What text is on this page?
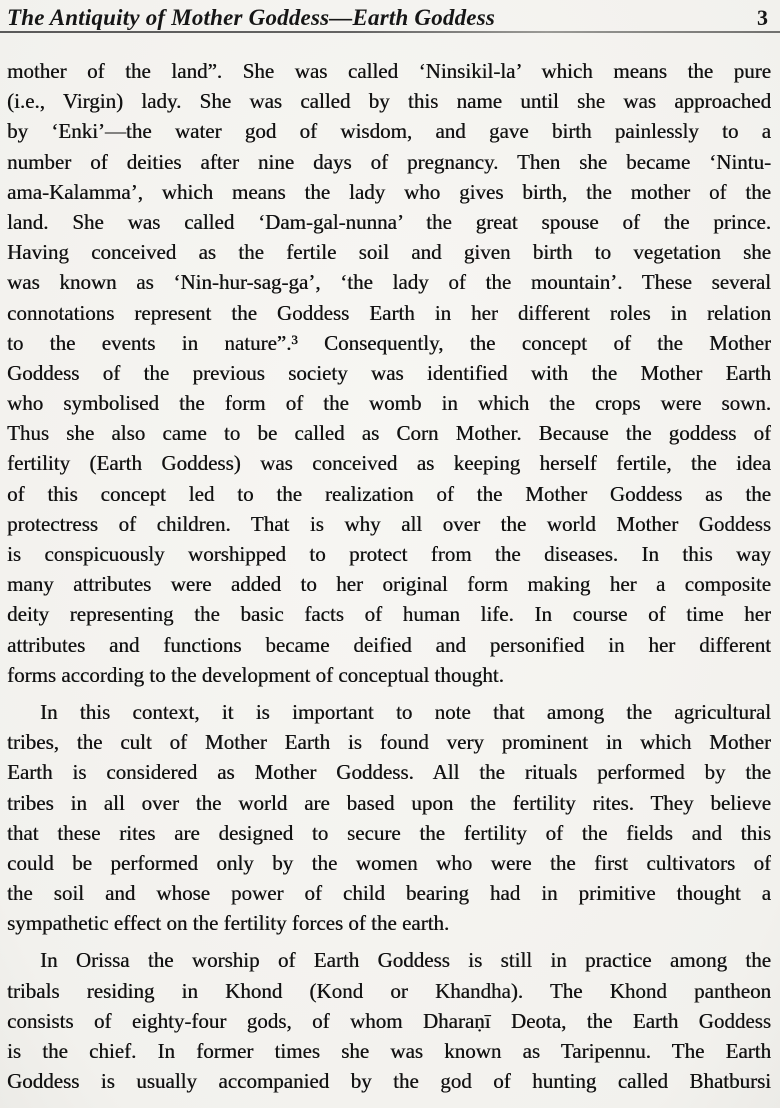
The Antiquity of Mother Goddess—Earth Goddess	3
mother of the land”. She was called ‘Ninsikil-la’ which means the pure
(i.e., Virgin) lady. She was called by this name until she was approached
by ‘Enki’—the water god of wisdom, and gave birth painlessly to a
number of deities after nine days of pregnancy. Then she became ‘Nintu-
ama-Kalamma’, which means the lady who gives birth, the mother of the
land. She was called ‘Dam-gal-nunna’ the great spouse of the prince.
Having conceived as the fertile soil and given birth to vegetation she
was known as ‘Nin-hur-sag-ga’, ‘the lady of the mountain’. These several
connotations represent the Goddess Earth in her different roles in relation
to the events in nature”.³ Consequently, the concept of the Mother
Goddess of the previous society was identified with the Mother Earth
who symbolised the form of the womb in which the crops were sown.
Thus she also came to be called as Corn Mother. Because the goddess of
fertility (Earth Goddess) was conceived as keeping herself fertile, the idea
of this concept led to the realization of the Mother Goddess as the
protectress of children. That is why all over the world Mother Goddess
is conspicuously worshipped to protect from the diseases. In this way
many attributes were added to her original form making her a composite
deity representing the basic facts of human life. In course of time her
attributes and functions became deified and personified in her different
forms according to the development of conceptual thought.
In this context, it is important to note that among the agricultural
tribes, the cult of Mother Earth is found very prominent in which Mother
Earth is considered as Mother Goddess. All the rituals performed by the
tribes in all over the world are based upon the fertility rites. They believe
that these rites are designed to secure the fertility of the fields and this
could be performed only by the women who were the first cultivators of
the soil and whose power of child bearing had in primitive thought a
sympathetic effect on the fertility forces of the earth.
In Orissa the worship of Earth Goddess is still in practice among the
tribals residing in Khond (Kond or Khandha). The Khond pantheon
consists of eighty-four gods, of whom Dharaṇī Deota, the Earth Goddess
is the chief. In former times she was known as Taripennu. The Earth
Goddess is usually accompanied by the god of hunting called Bhatbursi
